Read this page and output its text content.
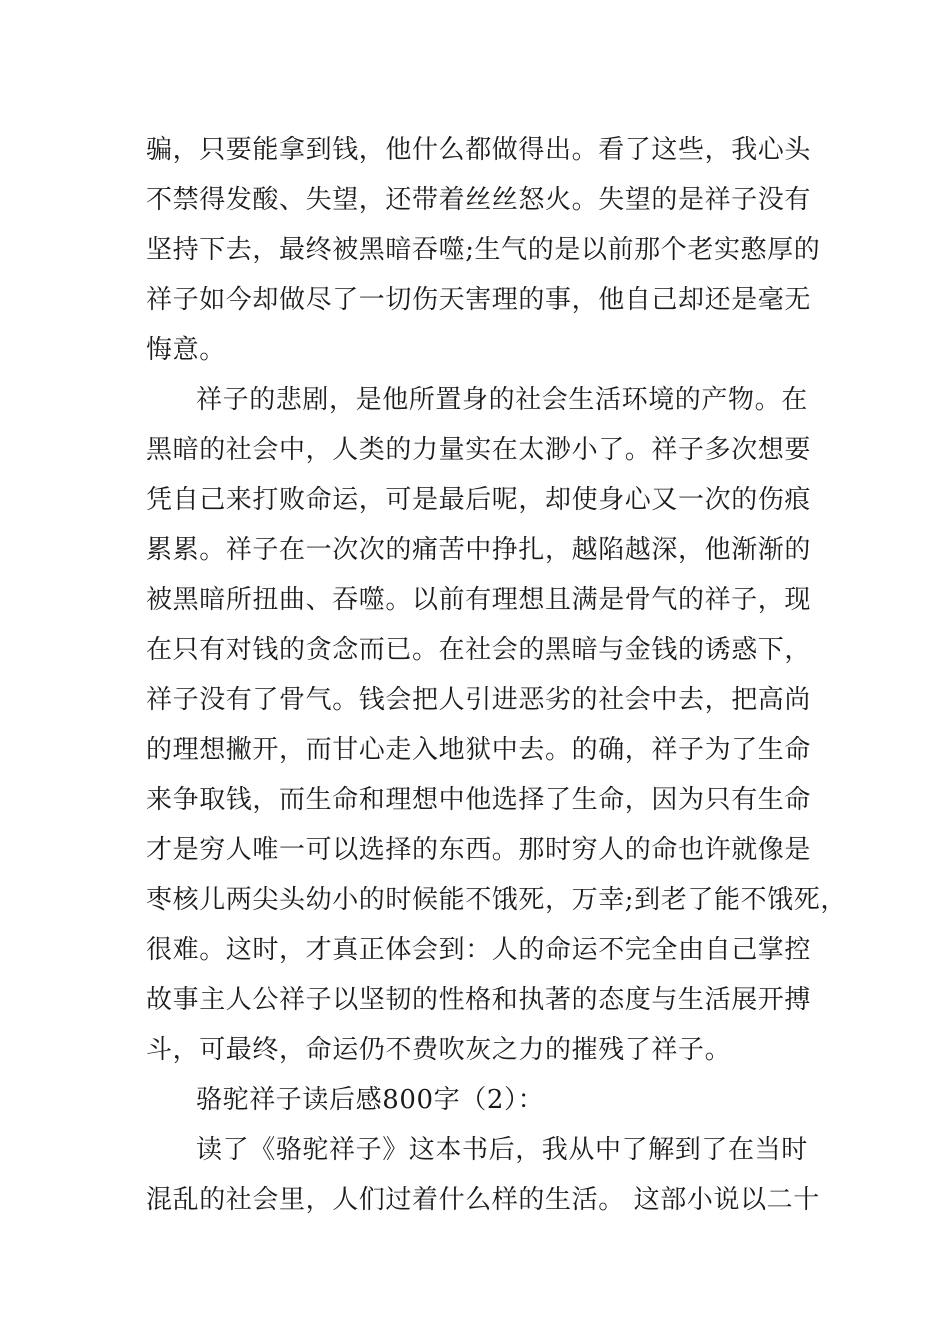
骗，只要能拿到钱，他什么都做得出。看了这些，我心头
不禁得发酸、失望，还带着丝丝怒火。失望的是祥子没有
坚持下去，最终被黑暗吞噬;生气的是以前那个老实憨厚的
祥子如今却做尽了一切伤天害理的事，他自己却还是毫无
悔意。
祥子的悲剧，是他所置身的社会生活环境的产物。在
黑暗的社会中，人类的力量实在太渺小了。祥子多次想要
凭自己来打败命运，可是最后呢，却使身心又一次的伤痕
累累。祥子在一次次的痛苦中挣扎，越陷越深，他渐渐的
被黑暗所扭曲、吞噬。以前有理想且满是骨气的祥子，现
在只有对钱的贪念而已。在社会的黑暗与金钱的诱惑下，
祥子没有了骨气。钱会把人引进恶劣的社会中去，把高尚
的理想撇开，而甘心走入地狱中去。的确，祥子为了生命
来争取钱，而生命和理想中他选择了生命，因为只有生命
才是穷人唯一可以选择的东西。那时穷人的命也许就像是
枣核儿两尖头幼小的时候能不饿死，万幸;到老了能不饿死，
很难。这时，才真正体会到：人的命运不完全由自己掌控
故事主人公祥子以坚韧的性格和执著的态度与生活展开搏
斗，可最终，命运仍不费吹灰之力的摧残了祥子。
骆驼祥子读后感800字（2）：
读了《骆驼祥子》这本书后，我从中了解到了在当时
混乱的社会里，人们过着什么样的生活。 这部小说以二十
